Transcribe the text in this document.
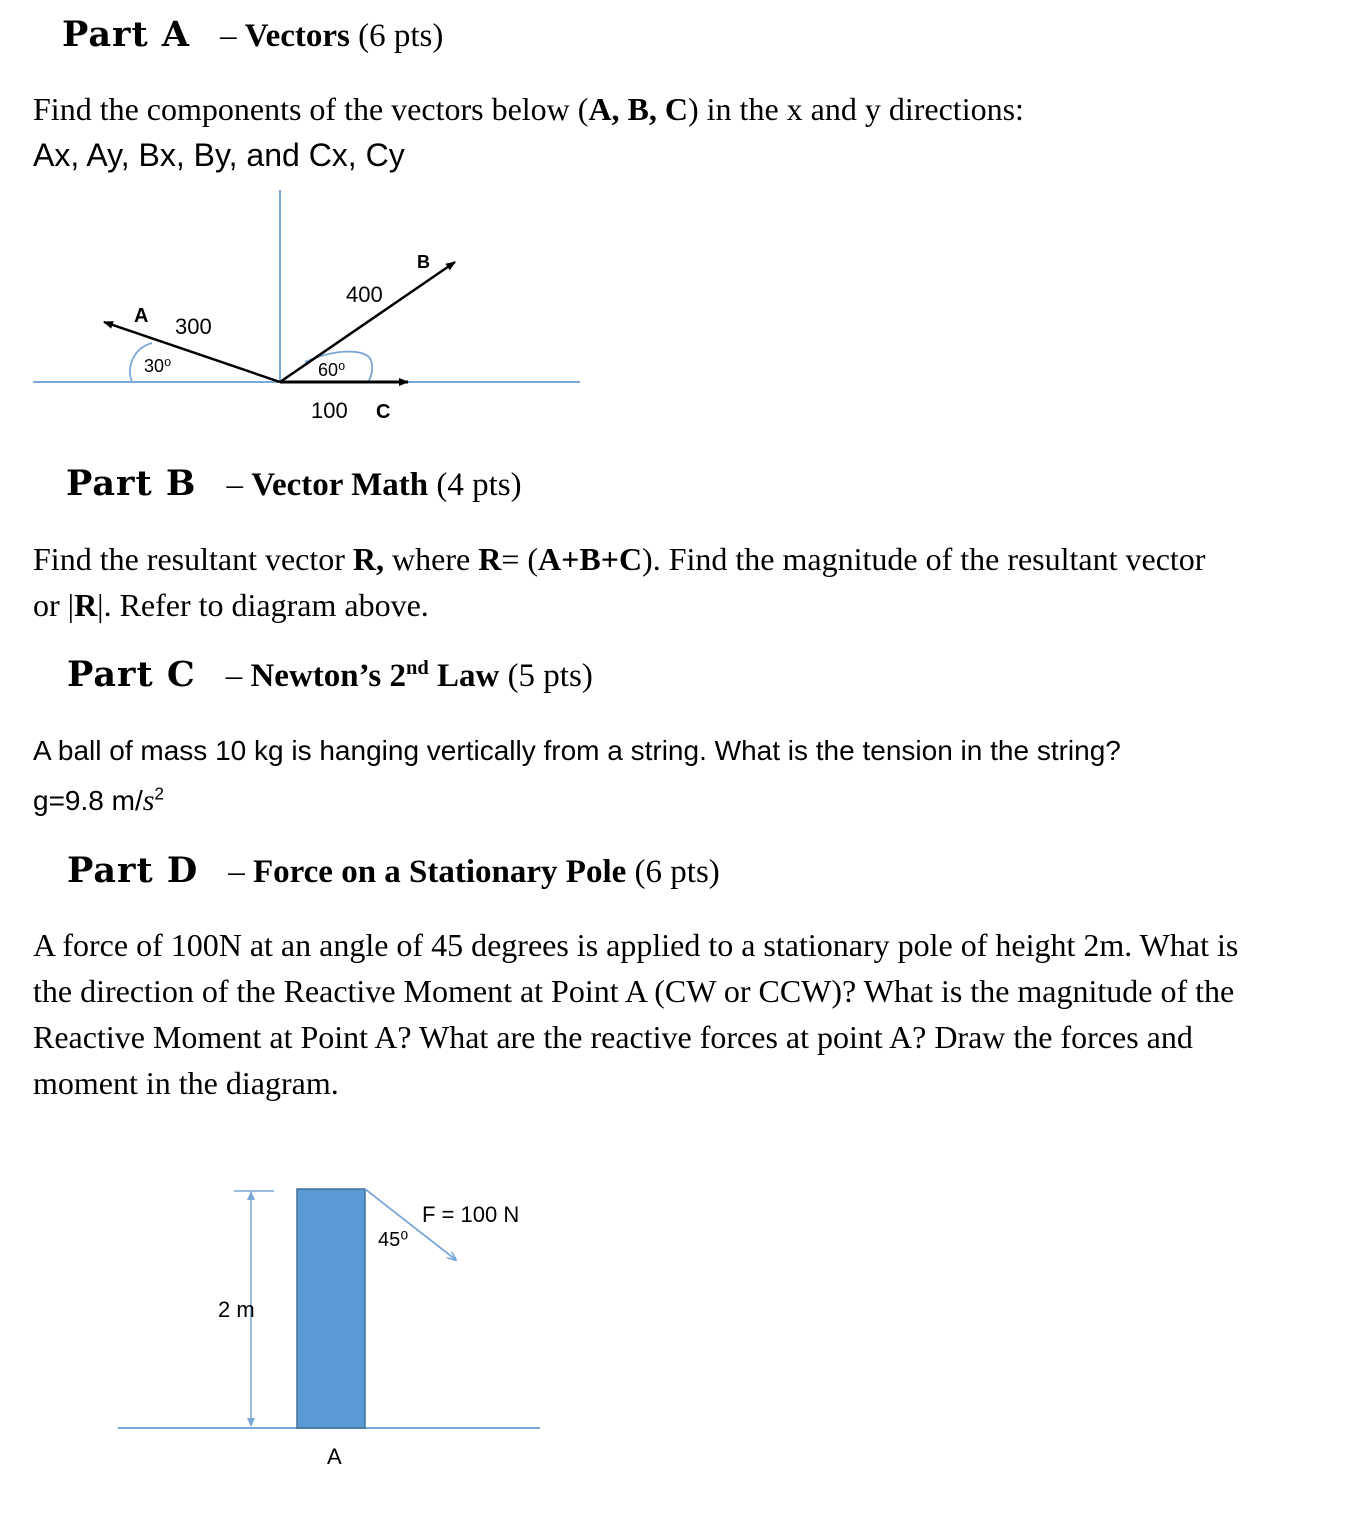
Part A – Vectors (6 pts)
Find the components of the vectors below (A, B, C) in the x and y directions:
Ax, Ay, Bx, By, and Cx, Cy
A 300
30⁰
B
400
60⁰
100 C
Part B – Vector Math (4 pts)
Find the resultant vector R, where R= (A+B+C). Find the magnitude of the resultant vector or |R|. Refer to diagram above.
Part C – Newton’s 2nd Law (5 pts)
A ball of mass 10 kg is hanging vertically from a string. What is the tension in the string?
g=9.8 $m/s^2$
Part D – Force on a Stationary Pole (6 pts)
A force of 100N at an angle of 45 degrees is applied to a stationary pole of height 2m. What is the direction of the Reactive Moment at Point A (CW or CCW)? What is the magnitude of the Reactive Moment at Point A? What are the reactive forces at point A? Draw the forces and moment in the diagram.
F = 100 N
45⁰
2 m
A
